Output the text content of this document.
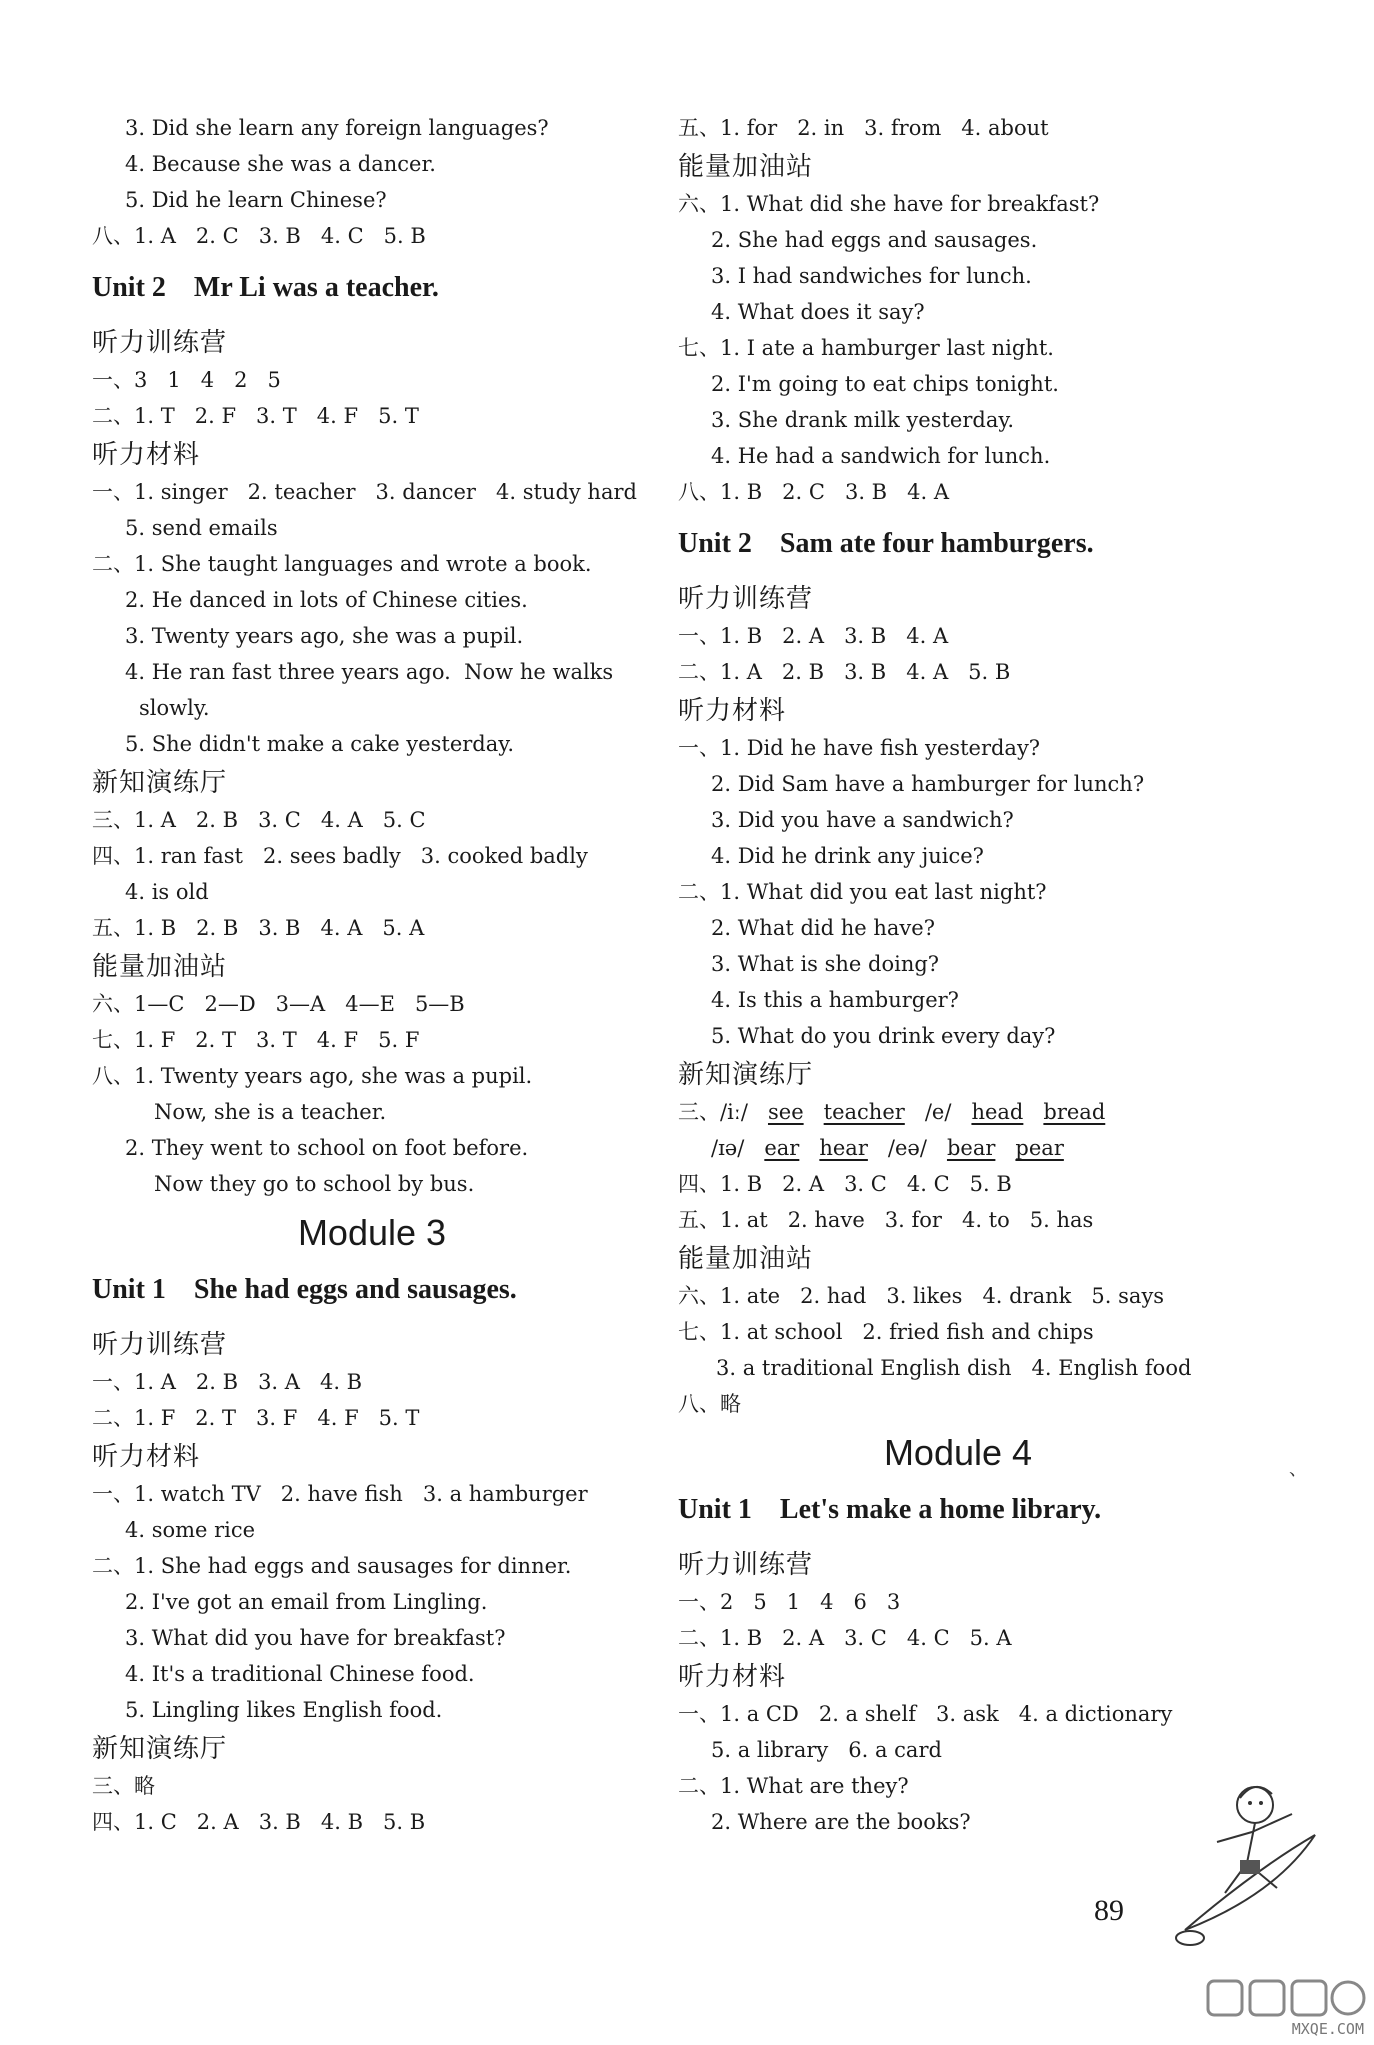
3. Did she learn any foreign languages?
4. Because she was a dancer.
5. Did he learn Chinese?
八、1. A   2. C   3. B   4. C   5. B
Unit 2    Mr Li was a teacher.
听力训练营
一、3   1   4   2   5
二、1. T   2. F   3. T   4. F   5. T
听力材料
一、1. singer   2. teacher   3. dancer   4. study hard
5. send emails
二、1. She taught languages and wrote a book.
2. He danced in lots of Chinese cities.
3. Twenty years ago, she was a pupil.
4. He ran fast three years ago.  Now he walks
slowly.
5. She didn't make a cake yesterday.
新知演练厅
三、1. A   2. B   3. C   4. A   5. C
四、1. ran fast   2. sees badly   3. cooked badly
4. is old
五、1. B   2. B   3. B   4. A   5. A
能量加油站
六、1—C   2—D   3—A   4—E   5—B
七、1. F   2. T   3. T   4. F   5. F
八、1. Twenty years ago, she was a pupil.
Now, she is a teacher.
2. They went to school on foot before.
Now they go to school by bus.
Module 3
Unit 1    She had eggs and sausages.
听力训练营
一、1. A   2. B   3. A   4. B
二、1. F   2. T   3. F   4. F   5. T
听力材料
一、1. watch TV   2. have fish   3. a hamburger
4. some rice
二、1. She had eggs and sausages for dinner.
2. I've got an email from Lingling.
3. What did you have for breakfast?
4. It's a traditional Chinese food.
5. Lingling likes English food.
新知演练厅
三、略
四、1. C   2. A   3. B   4. B   5. B
五、1. for   2. in   3. from   4. about
能量加油站
六、1. What did she have for breakfast?
2. She had eggs and sausages.
3. I had sandwiches for lunch.
4. What does it say?
七、1. I ate a hamburger last night.
2. I'm going to eat chips tonight.
3. She drank milk yesterday.
4. He had a sandwich for lunch.
八、1. B   2. C   3. B   4. A
Unit 2    Sam ate four hamburgers.
听力训练营
一、1. B   2. A   3. B   4. A
二、1. A   2. B   3. B   4. A   5. B
听力材料
一、1. Did he have fish yesterday?
2. Did Sam have a hamburger for lunch?
3. Did you have a sandwich?
4. Did he drink any juice?
二、1. What did you eat last night?
2. What did he have?
3. What is she doing?
4. Is this a hamburger?
5. What do you drink every day?
新知演练厅
三、/iː/ see teacher /e/ head bread
/ɪə/ ear hear /eə/ bear pear
四、1. B   2. A   3. C   4. C   5. B
五、1. at   2. have   3. for   4. to   5. has
能量加油站
六、1. ate   2. had   3. likes   4. drank   5. says
七、1. at school   2. fried fish and chips
3. a traditional English dish   4. English food
八、略
Module 4
Unit 1    Let's make a home library.
听力训练营
一、2   5   1   4   6   3
二、1. B   2. A   3. C   4. C   5. A
听力材料
一、1. a CD   2. a shelf   3. ask   4. a dictionary
5. a library   6. a card
二、1. What are they?
2. Where are the books?
、
89
MXQE.COM
